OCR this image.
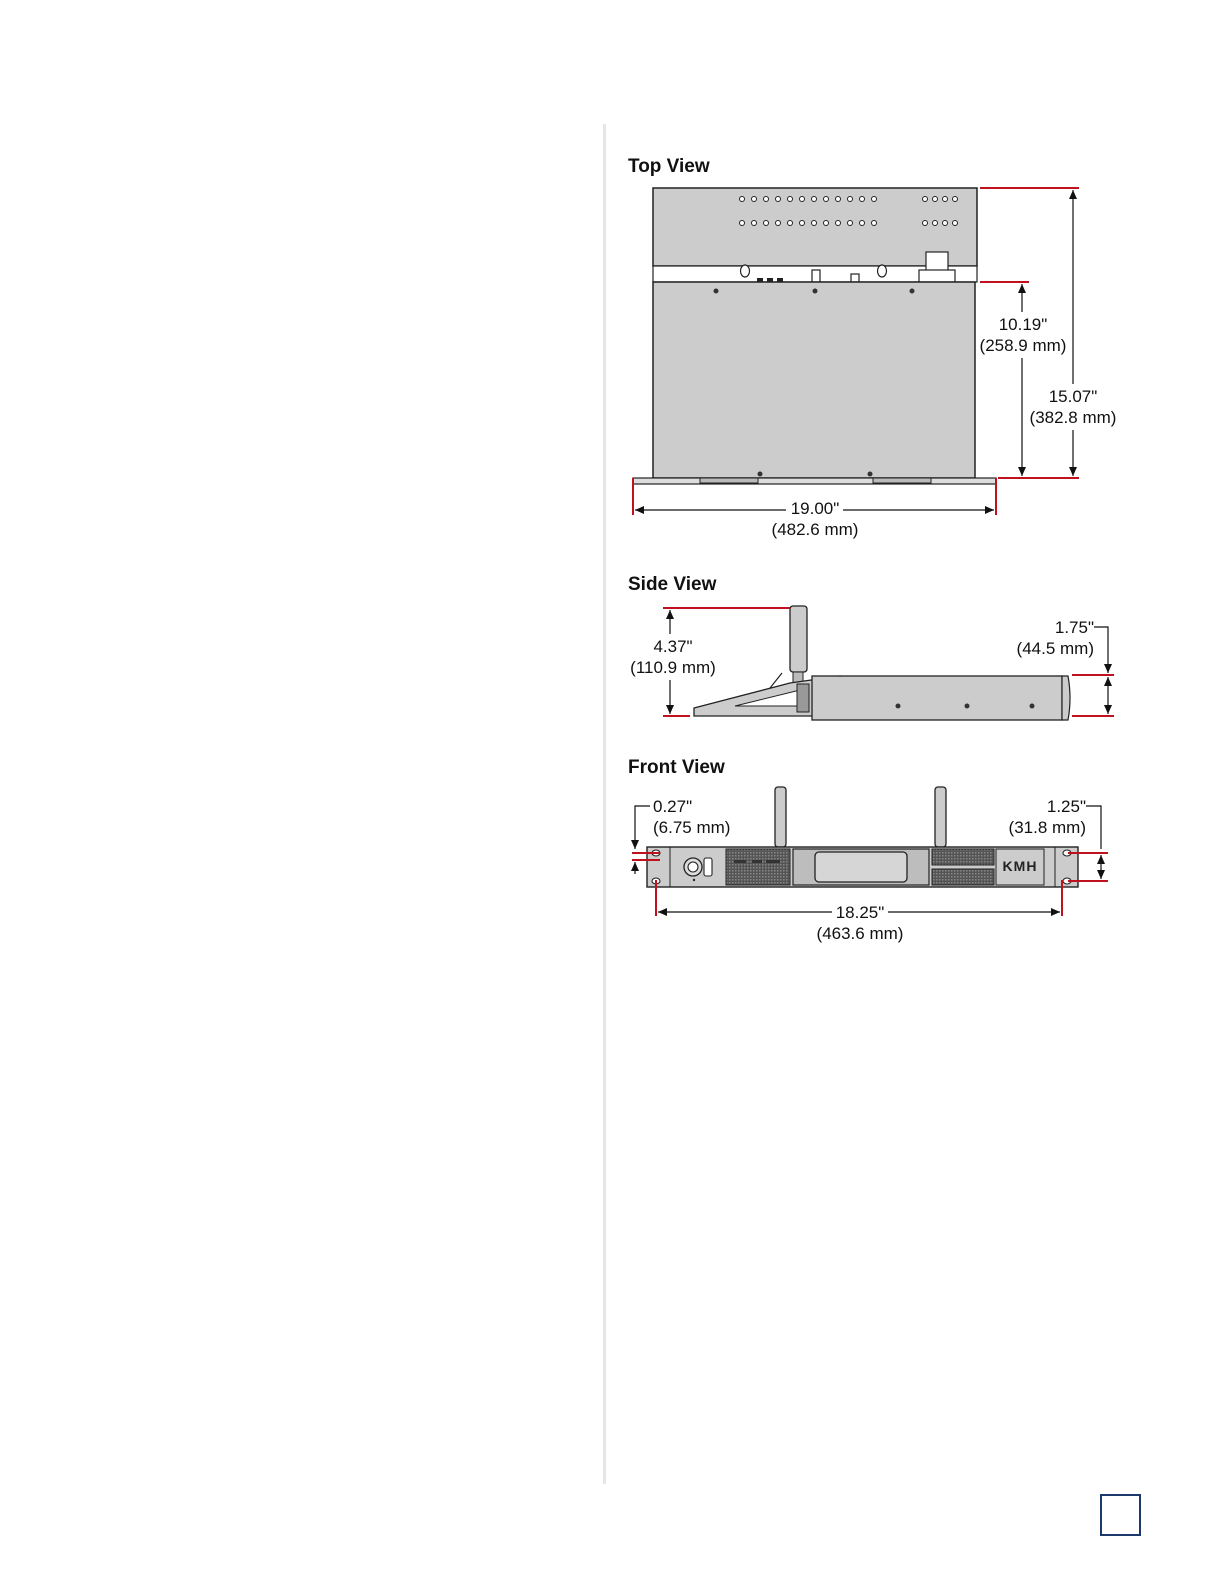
Top View
Side View
Front View
KMH
10.19"
(258.9 mm)
15.07"
(382.8 mm)
19.00"
(482.6 mm)
4.37"
(110.9 mm)
1.75"
(44.5 mm)
0.27"
(6.75 mm)
1.25"
(31.8 mm)
18.25"
(463.6 mm)
